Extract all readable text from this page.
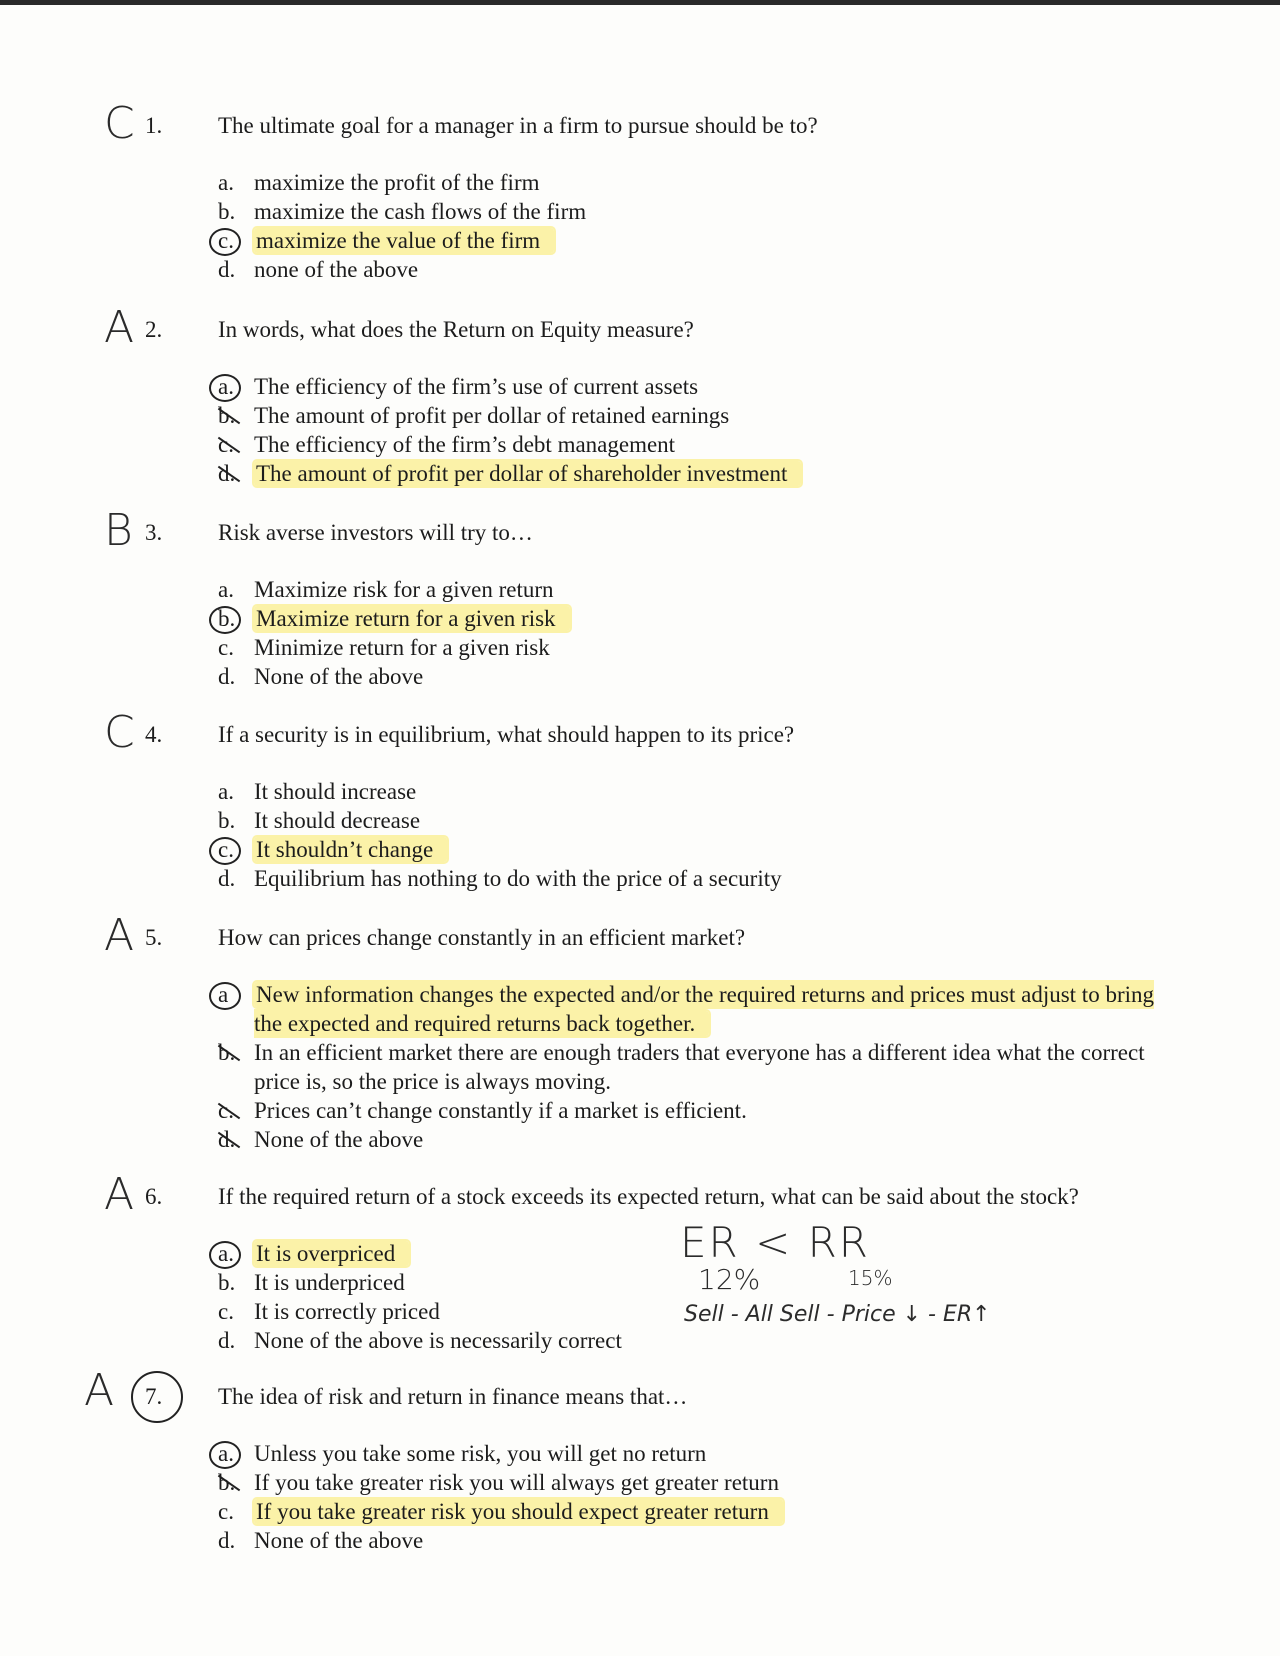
C 1. The ultimate goal for a manager in a firm to pursue should be to?
a. maximize the profit of the firm
b. maximize the cash flows of the firm
c. maximize the value of the firm
d. none of the above
A 2. In words, what does the Return on Equity measure?
a. The efficiency of the firm’s use of current assets
b. The amount of profit per dollar of retained earnings
c. The efficiency of the firm’s debt management
d. The amount of profit per dollar of shareholder investment
B 3. Risk averse investors will try to…
a. Maximize risk for a given return
b. Maximize return for a given risk
c. Minimize return for a given risk
d. None of the above
C 4. If a security is in equilibrium, what should happen to its price?
a. It should increase
b. It should decrease
c. It shouldn’t change
d. Equilibrium has nothing to do with the price of a security
A 5. How can prices change constantly in an efficient market?
a	New information changes the expected and/or the required returns and prices must adjust to bring the expected and required returns back together.
b. In an efficient market there are enough traders that everyone has a different idea what the correct price is, so the price is always moving.
c. Prices can’t change constantly if a market is efficient.
d. None of the above
A 6. If the required return of a stock exceeds its expected return, what can be said about the stock?
a. It is overpriced
b. It is underpriced
c. It is correctly priced
d. None of the above is necessarily correct
ER < RR
12%	15%
Sell - All Sell - Price ↓ - ER↑
A 7. The idea of risk and return in finance means that…
a. Unless you take some risk, you will get no return
b. If you take greater risk you will always get greater return
c. If you take greater risk you should expect greater return
d. None of the above
